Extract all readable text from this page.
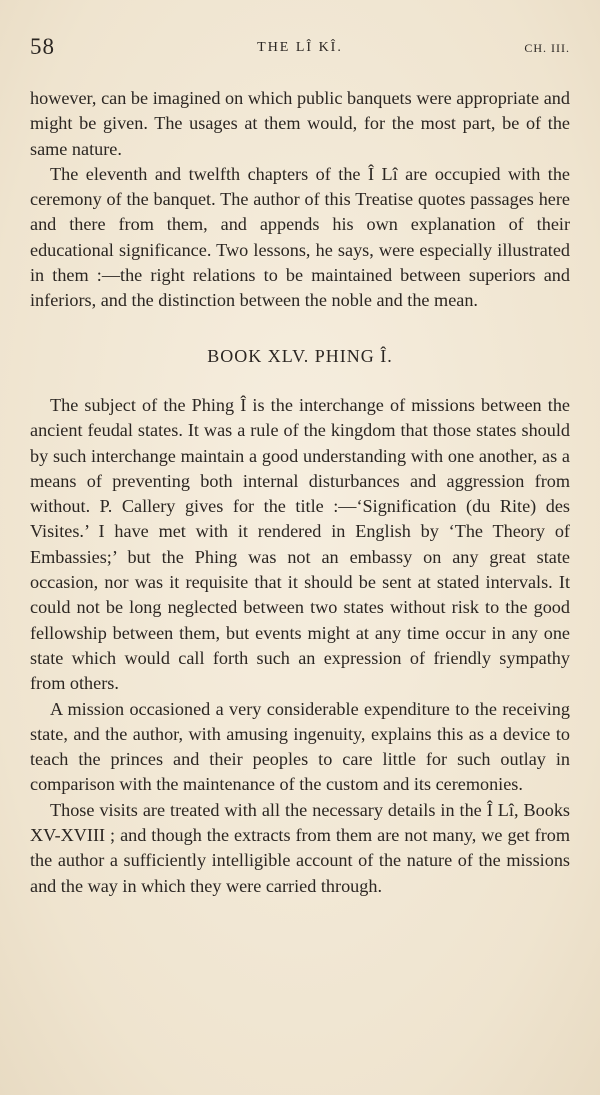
58	THE LÎ KÎ.	CH. III.

however, can be imagined on which public banquets were appropriate and might be given. The usages at them would, for the most part, be of the same nature.

The eleventh and twelfth chapters of the Î Lî are occupied with the ceremony of the banquet. The author of this Treatise quotes passages here and there from them, and appends his own explanation of their educational significance. Two lessons, he says, were especially illustrated in them :—the right relations to be maintained between superiors and inferiors, and the distinction between the noble and the mean.

BOOK XLV. PHING Î.

The subject of the Phing Î is the interchange of missions between the ancient feudal states. It was a rule of the kingdom that those states should by such interchange maintain a good understanding with one another, as a means of preventing both internal disturbances and aggression from without. P. Callery gives for the title :—‘Signification (du Rite) des Visites.’ I have met with it rendered in English by ‘The Theory of Embassies;’ but the Phing was not an embassy on any great state occasion, nor was it requisite that it should be sent at stated intervals. It could not be long neglected between two states without risk to the good fellowship between them, but events might at any time occur in any one state which would call forth such an expression of friendly sympathy from others.

A mission occasioned a very considerable expenditure to the receiving state, and the author, with amusing ingenuity, explains this as a device to teach the princes and their peoples to care little for such outlay in comparison with the maintenance of the custom and its ceremonies.

Those visits are treated with all the necessary details in the Î Lî, Books XV-XVIII ; and though the extracts from them are not many, we get from the author a sufficiently intelligible account of the nature of the missions and the way in which they were carried through.
